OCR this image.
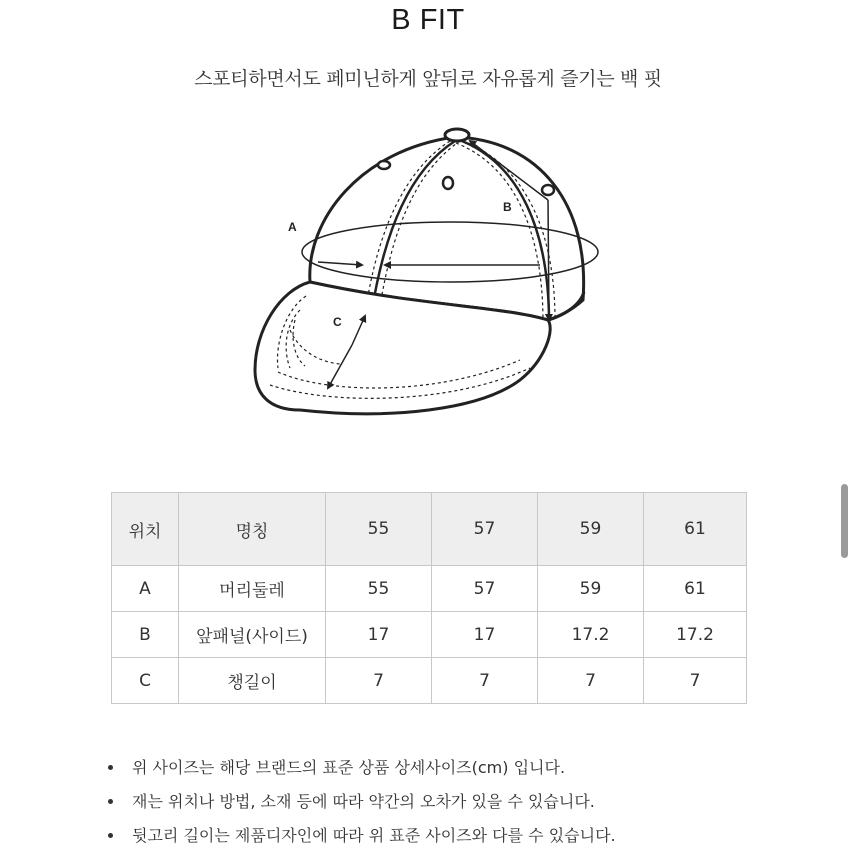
B FIT
스포티하면서도 페미닌하게 앞뒤로 자유롭게 즐기는 백 핏
A
B
C
위치	명칭	55	57	59	61
A	머리둘레	55	57	59	61
B	앞패널(사이드)	17	17	17.2	17.2
C	챙길이	7	7	7	7
위 사이즈는 해당 브랜드의 표준 상품 상세사이즈(cm) 입니다.
재는 위치나 방법, 소재 등에 따라 약간의 오차가 있을 수 있습니다.
뒷고리 길이는 제품디자인에 따라 위 표준 사이즈와 다를 수 있습니다.
